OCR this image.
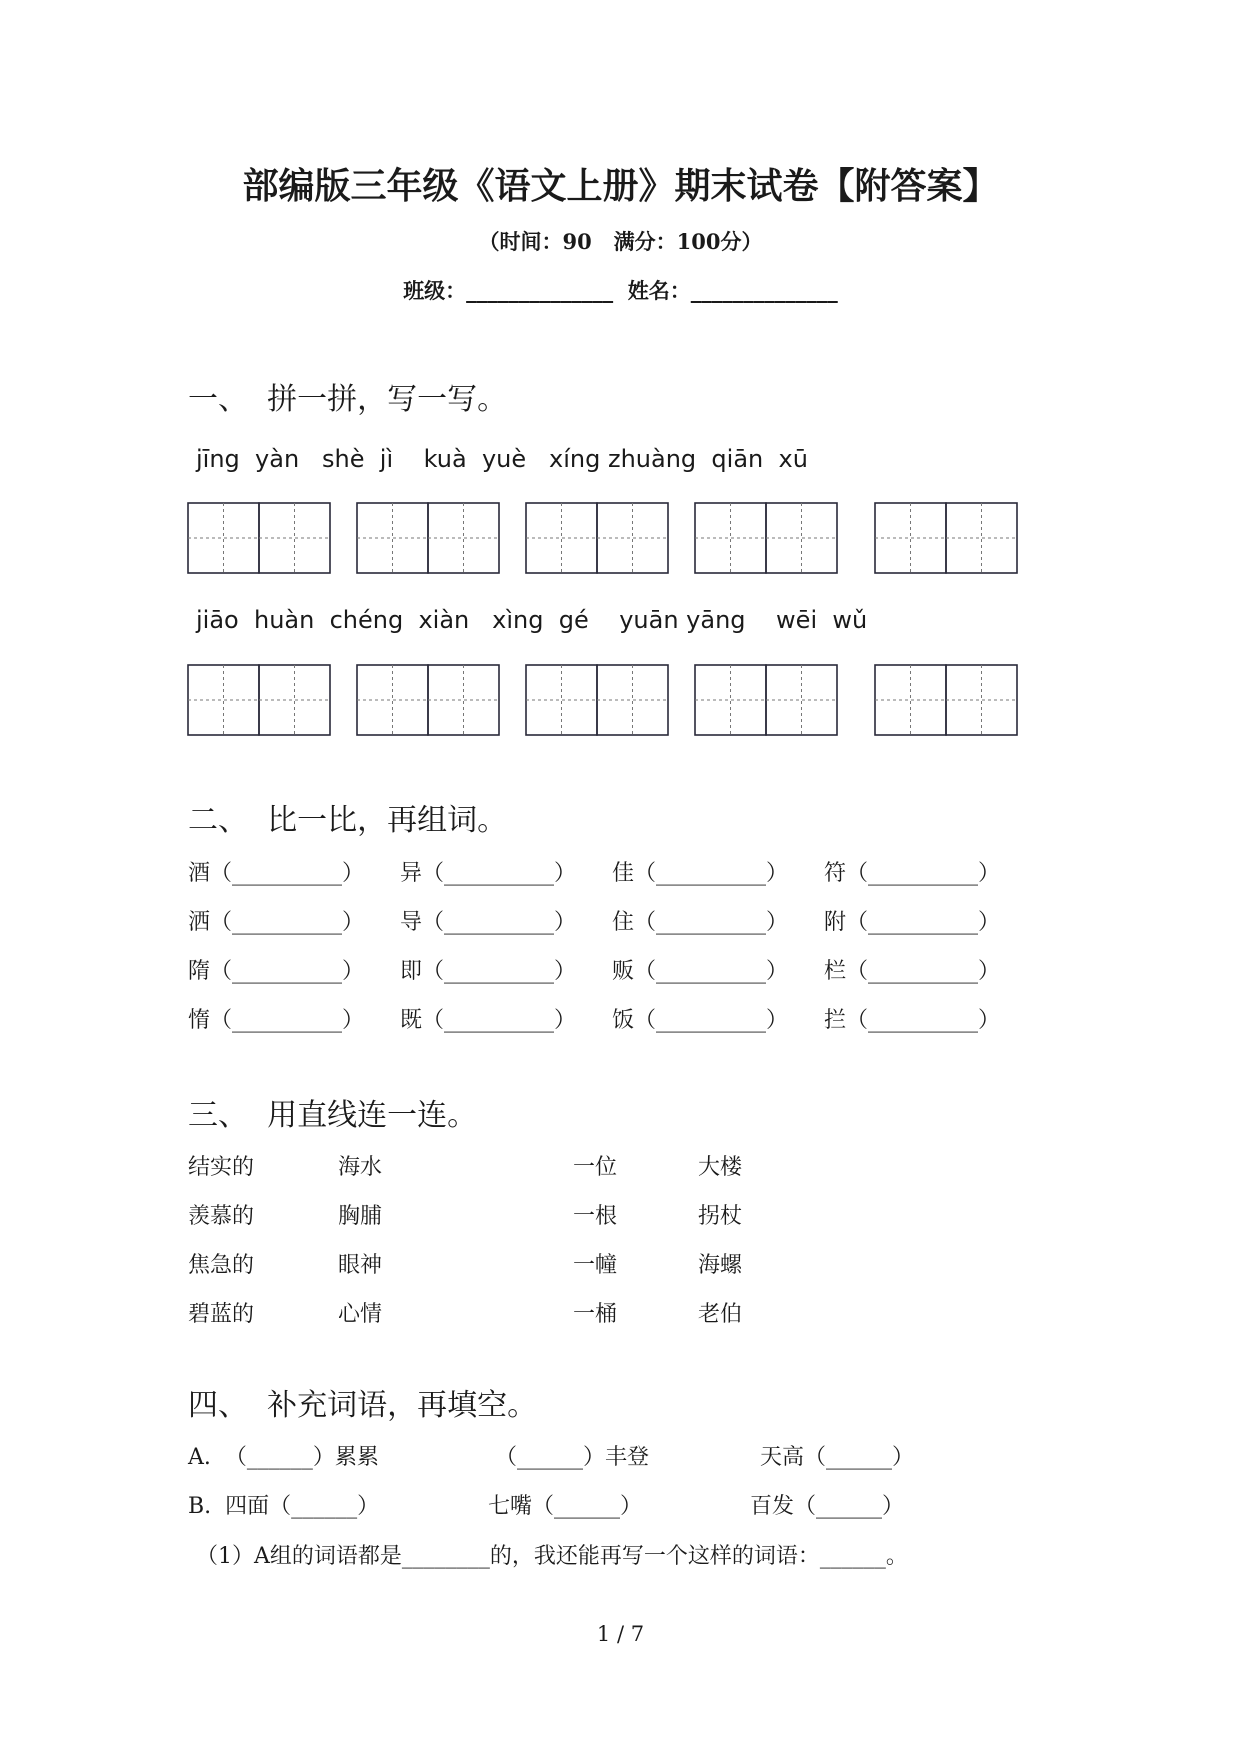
部编版三年级《语文上册》期末试卷【附答案】
（时间：90   满分：100分）
班级：______________  姓名：______________
一、  拼一拼，写一写。
jīng  yàn   shè  jì    kuà  yuè   xíng zhuàng  qiān  xū
jiāo  huàn  chéng  xiàn   xìng  gé    yuān yāng    wēi  wǔ
二、  比一比，再组词。
酒（__________） 异（__________） 佳（__________） 符（__________）
洒（__________） 导（__________） 住（__________） 附（__________）
隋（__________） 即（__________） 贩（__________） 栏（__________）
惰（__________） 既（__________） 饭（__________） 拦（__________）
三、  用直线连一连。
结实的	海水	一位	大楼
羡慕的	胸脯	一根	拐杖
焦急的	眼神	一幢	海螺
碧蓝的	心情	一桶	老伯
四、  补充词语，再填空。
A.  （______）累累	（______）丰登	天高（______）
B.  四面（______）	七嘴（______）	百发（______）
（1）A组的词语都是________的，我还能再写一个这样的词语：______。
1 / 7
